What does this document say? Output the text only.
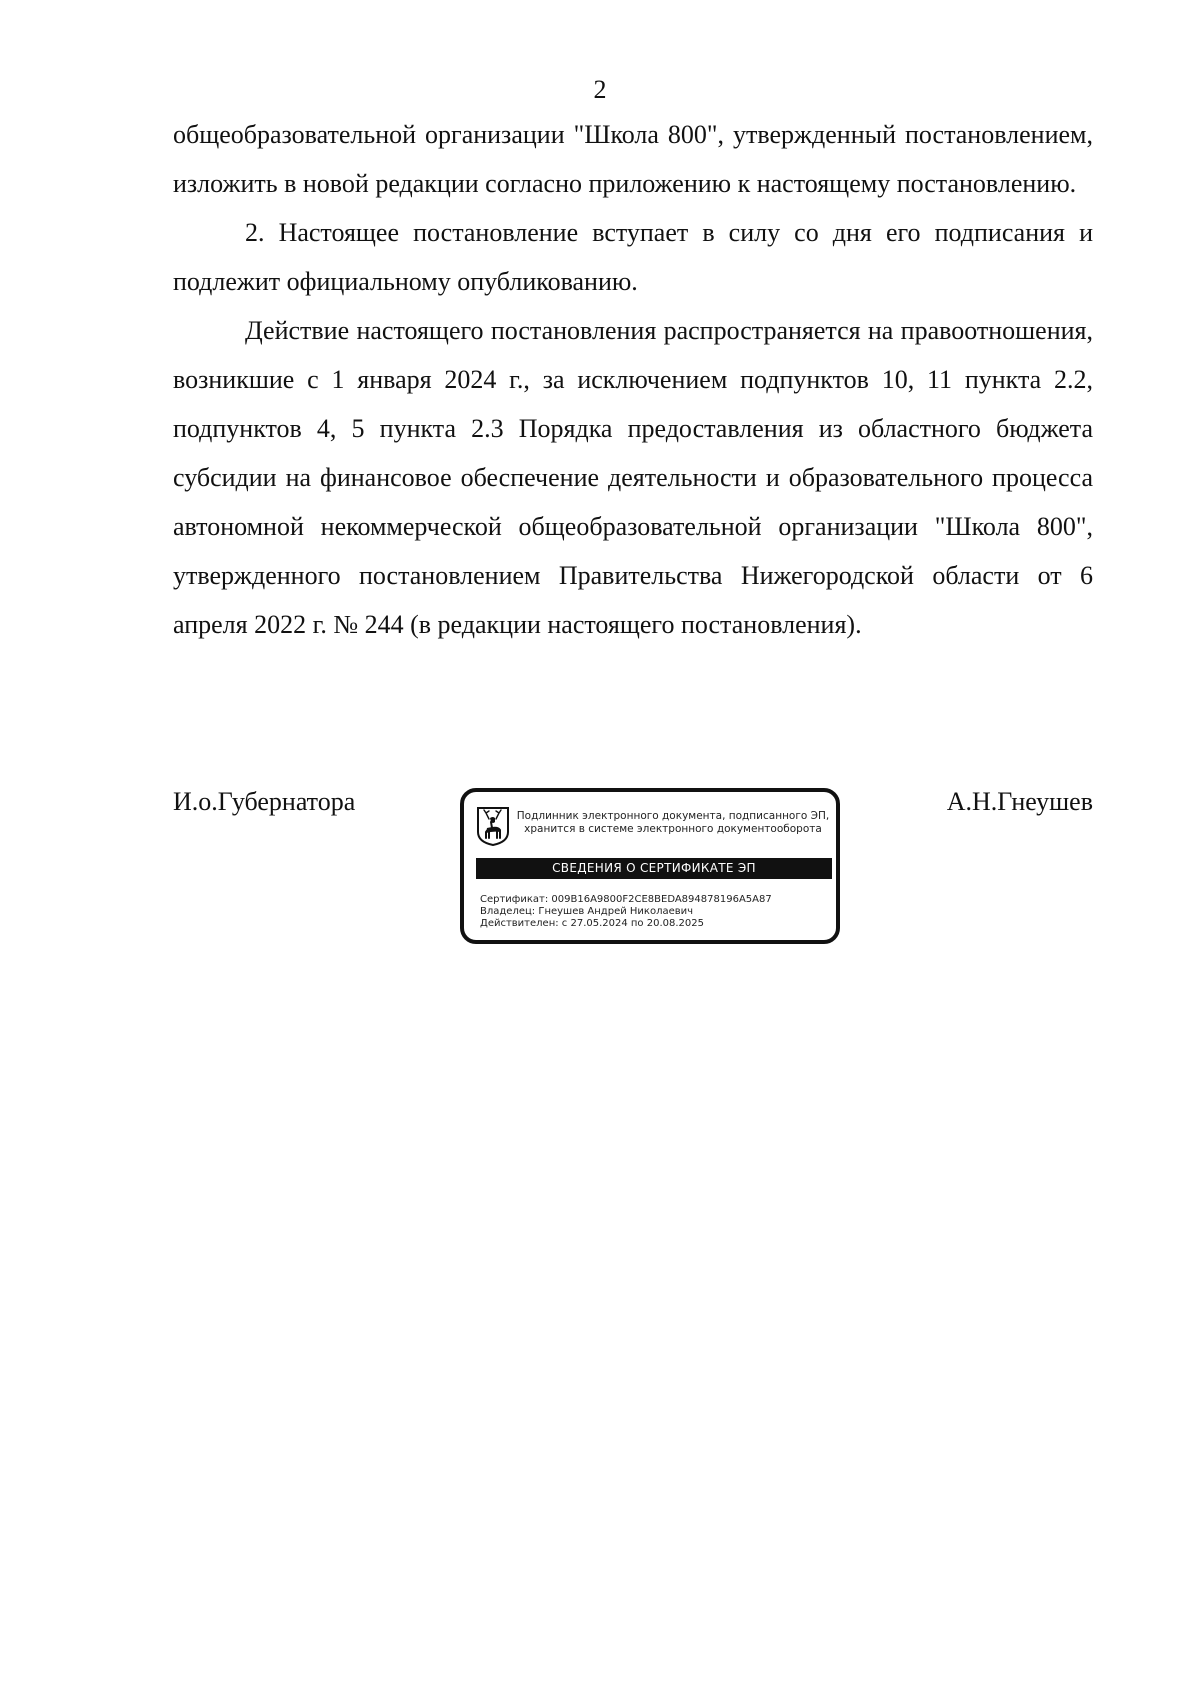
2

общеобразовательной организации "Школа 800", утвержденный постановлением, изложить в новой редакции согласно приложению к настоящему постановлению.

2. Настоящее постановление вступает в силу со дня его подписания и подлежит официальному опубликованию.

Действие настоящего постановления распространяется на правоотношения, возникшие с 1 января 2024 г., за исключением подпунктов 10, 11 пункта 2.2, подпунктов 4, 5 пункта 2.3 Порядка предоставления из областного бюджета субсидии на финансовое обеспечение деятельности и образовательного процесса автономной некоммерческой общеобразовательной организации "Школа 800", утвержденного постановлением Правительства Нижегородской области от 6 апреля 2022 г. № 244 (в редакции настоящего постановления).

И.о.Губернатора	А.Н.Гнеушев
Подлинник электронного документа, подписанного ЭП,
хранится в системе электронного документооборота
СВЕДЕНИЯ О СЕРТИФИКАТЕ ЭП
Сертификат: 009B16A9800F2CE8BEDA894878196A5A87
Владелец: Гнеушев Андрей Николаевич
Действителен: с 27.05.2024 по 20.08.2025
